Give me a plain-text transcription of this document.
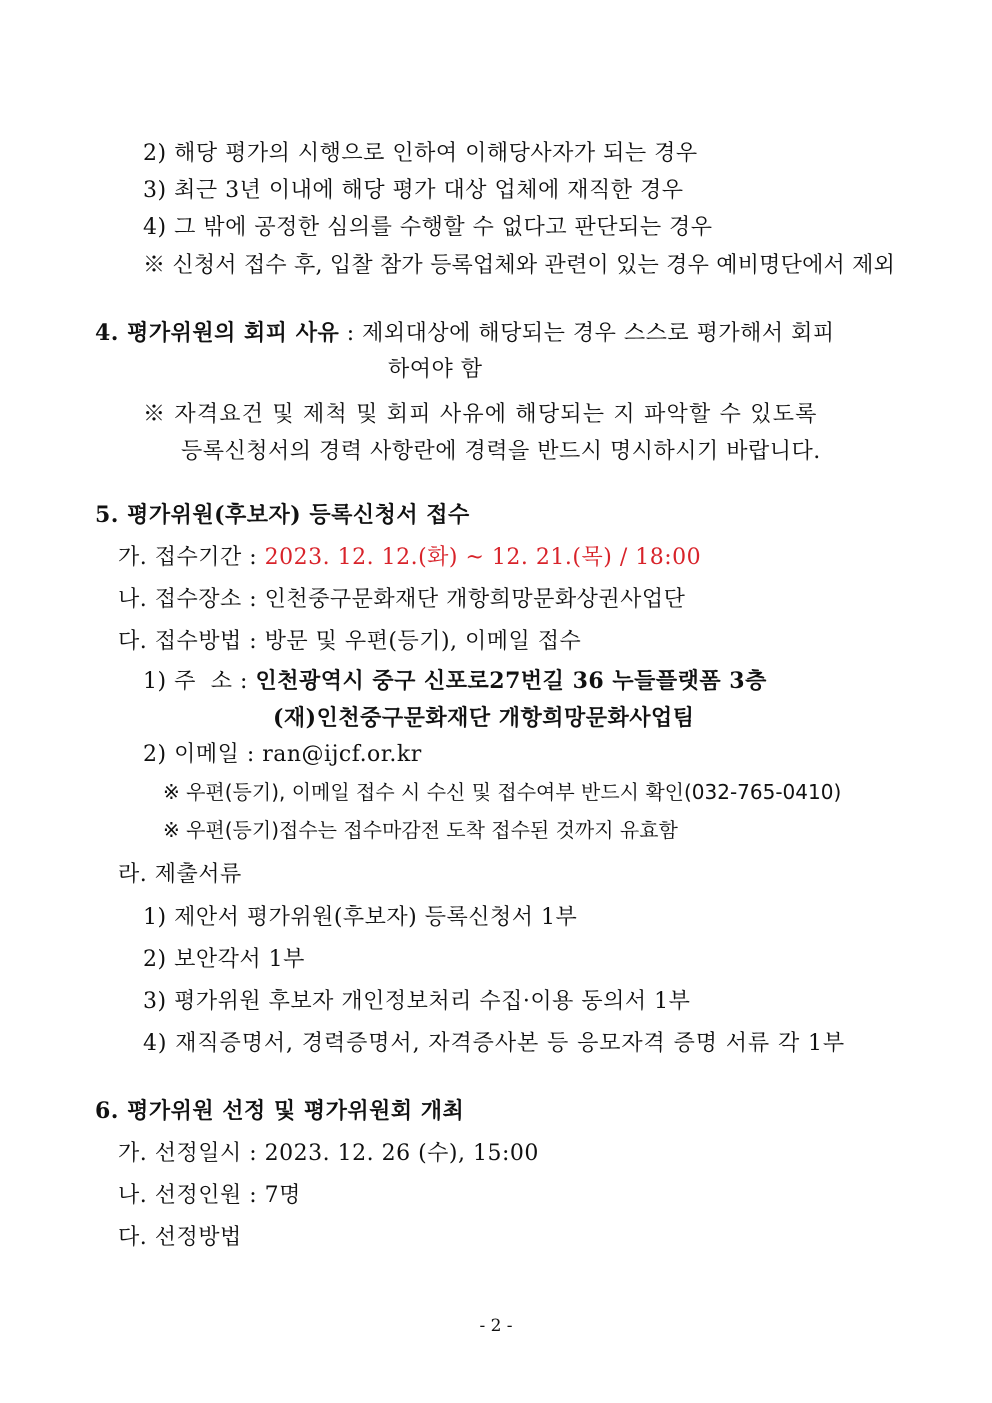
2) 해당 평가의 시행으로 인하여 이해당사자가 되는 경우
3) 최근 3년 이내에 해당 평가 대상 업체에 재직한 경우
4) 그 밖에 공정한 심의를 수행할 수 없다고 판단되는 경우
※ 신청서 접수 후, 입찰 참가 등록업체와 관련이 있는 경우 예비명단에서 제외
4. 평가위원의 회피 사유 : 제외대상에 해당되는 경우 스스로 평가해서 회피
하여야 함
※ 자격요건 및 제척 및 회피 사유에 해당되는 지 파악할 수 있도록
등록신청서의 경력 사항란에 경력을 반드시 명시하시기 바랍니다.
5. 평가위원(후보자) 등록신청서 접수
가. 접수기간 : 2023. 12. 12.(화) ~ 12. 21.(목) / 18:00
나. 접수장소 : 인천중구문화재단 개항희망문화상권사업단
다. 접수방법 : 방문 및 우편(등기), 이메일 접수
1) 주  소 : 인천광역시 중구 신포로27번길 36 누들플랫폼 3층
(재)인천중구문화재단 개항희망문화사업팀
2) 이메일 : ran@ijcf.or.kr
※ 우편(등기), 이메일 접수 시 수신 및 접수여부 반드시 확인(032-765-0410)
※ 우편(등기)접수는 접수마감전 도착 접수된 것까지 유효함
라. 제출서류
1) 제안서 평가위원(후보자) 등록신청서 1부
2) 보안각서 1부
3) 평가위원 후보자 개인정보처리 수집·이용 동의서 1부
4) 재직증명서, 경력증명서, 자격증사본 등 응모자격 증명 서류 각 1부
6. 평가위원 선정 및 평가위원회 개최
가. 선정일시 : 2023. 12. 26 (수), 15:00
나. 선정인원 : 7명
다. 선정방법
- 2 -
